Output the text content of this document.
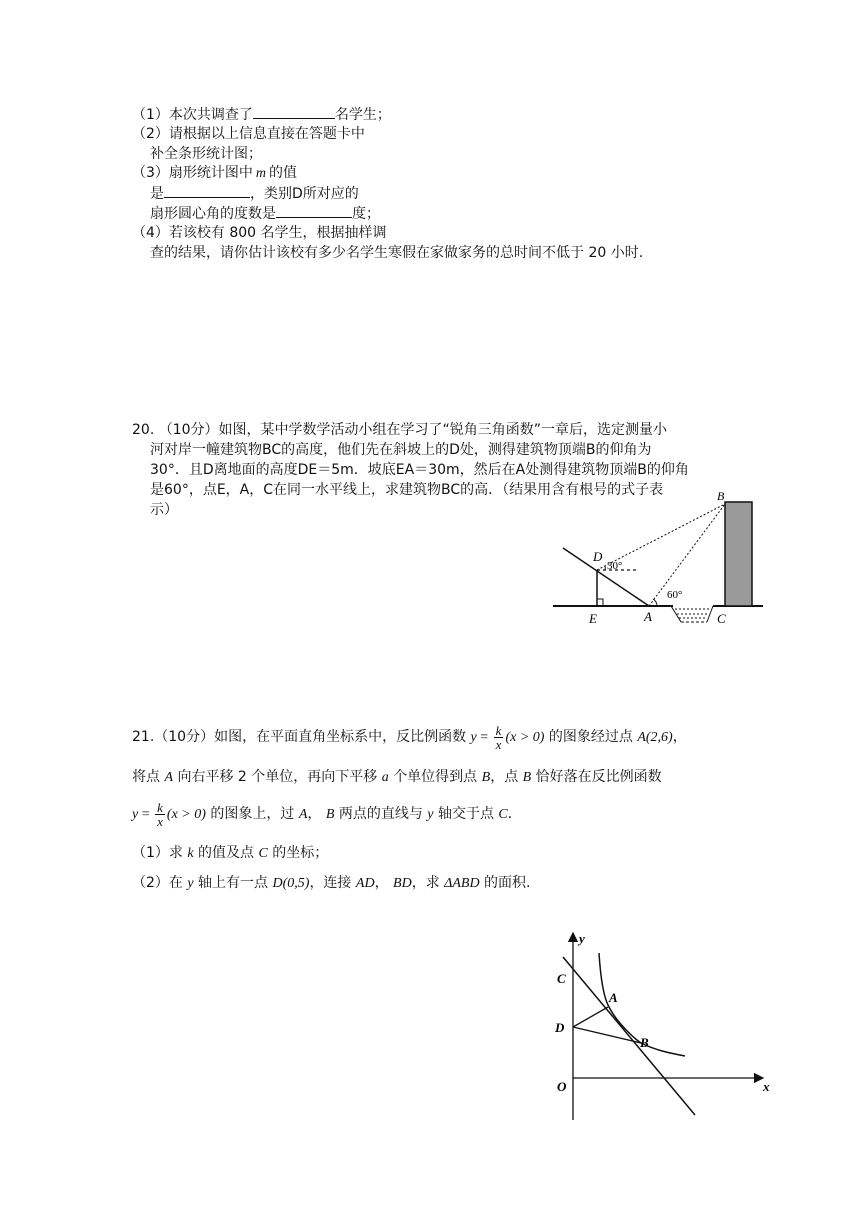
（1）本次共调查了	名学生；
（2）请根据以上信息直接在答题卡中
补全条形统计图；
（3）扇形统计图中 m 的值
是	，类别D所对应的
扇形圆心角的度数是	度；
（4）若该校有 800 名学生，根据抽样调
查的结果，请你估计该校有多少名学生寒假在家做家务的总时间不低于 20 小时.
20. （10分）如图，某中学数学活动小组在学习了“锐角三角函数”一章后，选定测量小
河对岸一幢建筑物BC的高度，他们先在斜坡上的D处，测得建筑物顶端B的仰角为
30°．且D离地面的高度DE＝5m．坡底EA＝30m，然后在A处测得建筑物顶端B的仰角
是60°，点E，A，C在同一水平线上，求建筑物BC的高．（结果用含有根号的式子表
示）
B
D
30°
60°
E	A	C
21.（10分）如图，在平面直角坐标系中，反比例函数 $y = \frac{k}{x} (x > 0)$ 的图象经过点 A(2,6)，
将点 A 向右平移 2 个单位，再向下平移 a 个单位得到点 B，点 B 恰好落在反比例函数
$y = \frac{k}{x} (x > 0)$ 的图象上，过 A， B 两点的直线与 y 轴交于点 C．
（1）求 k 的值及点 C 的坐标；
（2）在 y 轴上有一点 D(0,5)，连接 AD， BD，求 ΔABD 的面积.
y
x
C
A
D
B
O
